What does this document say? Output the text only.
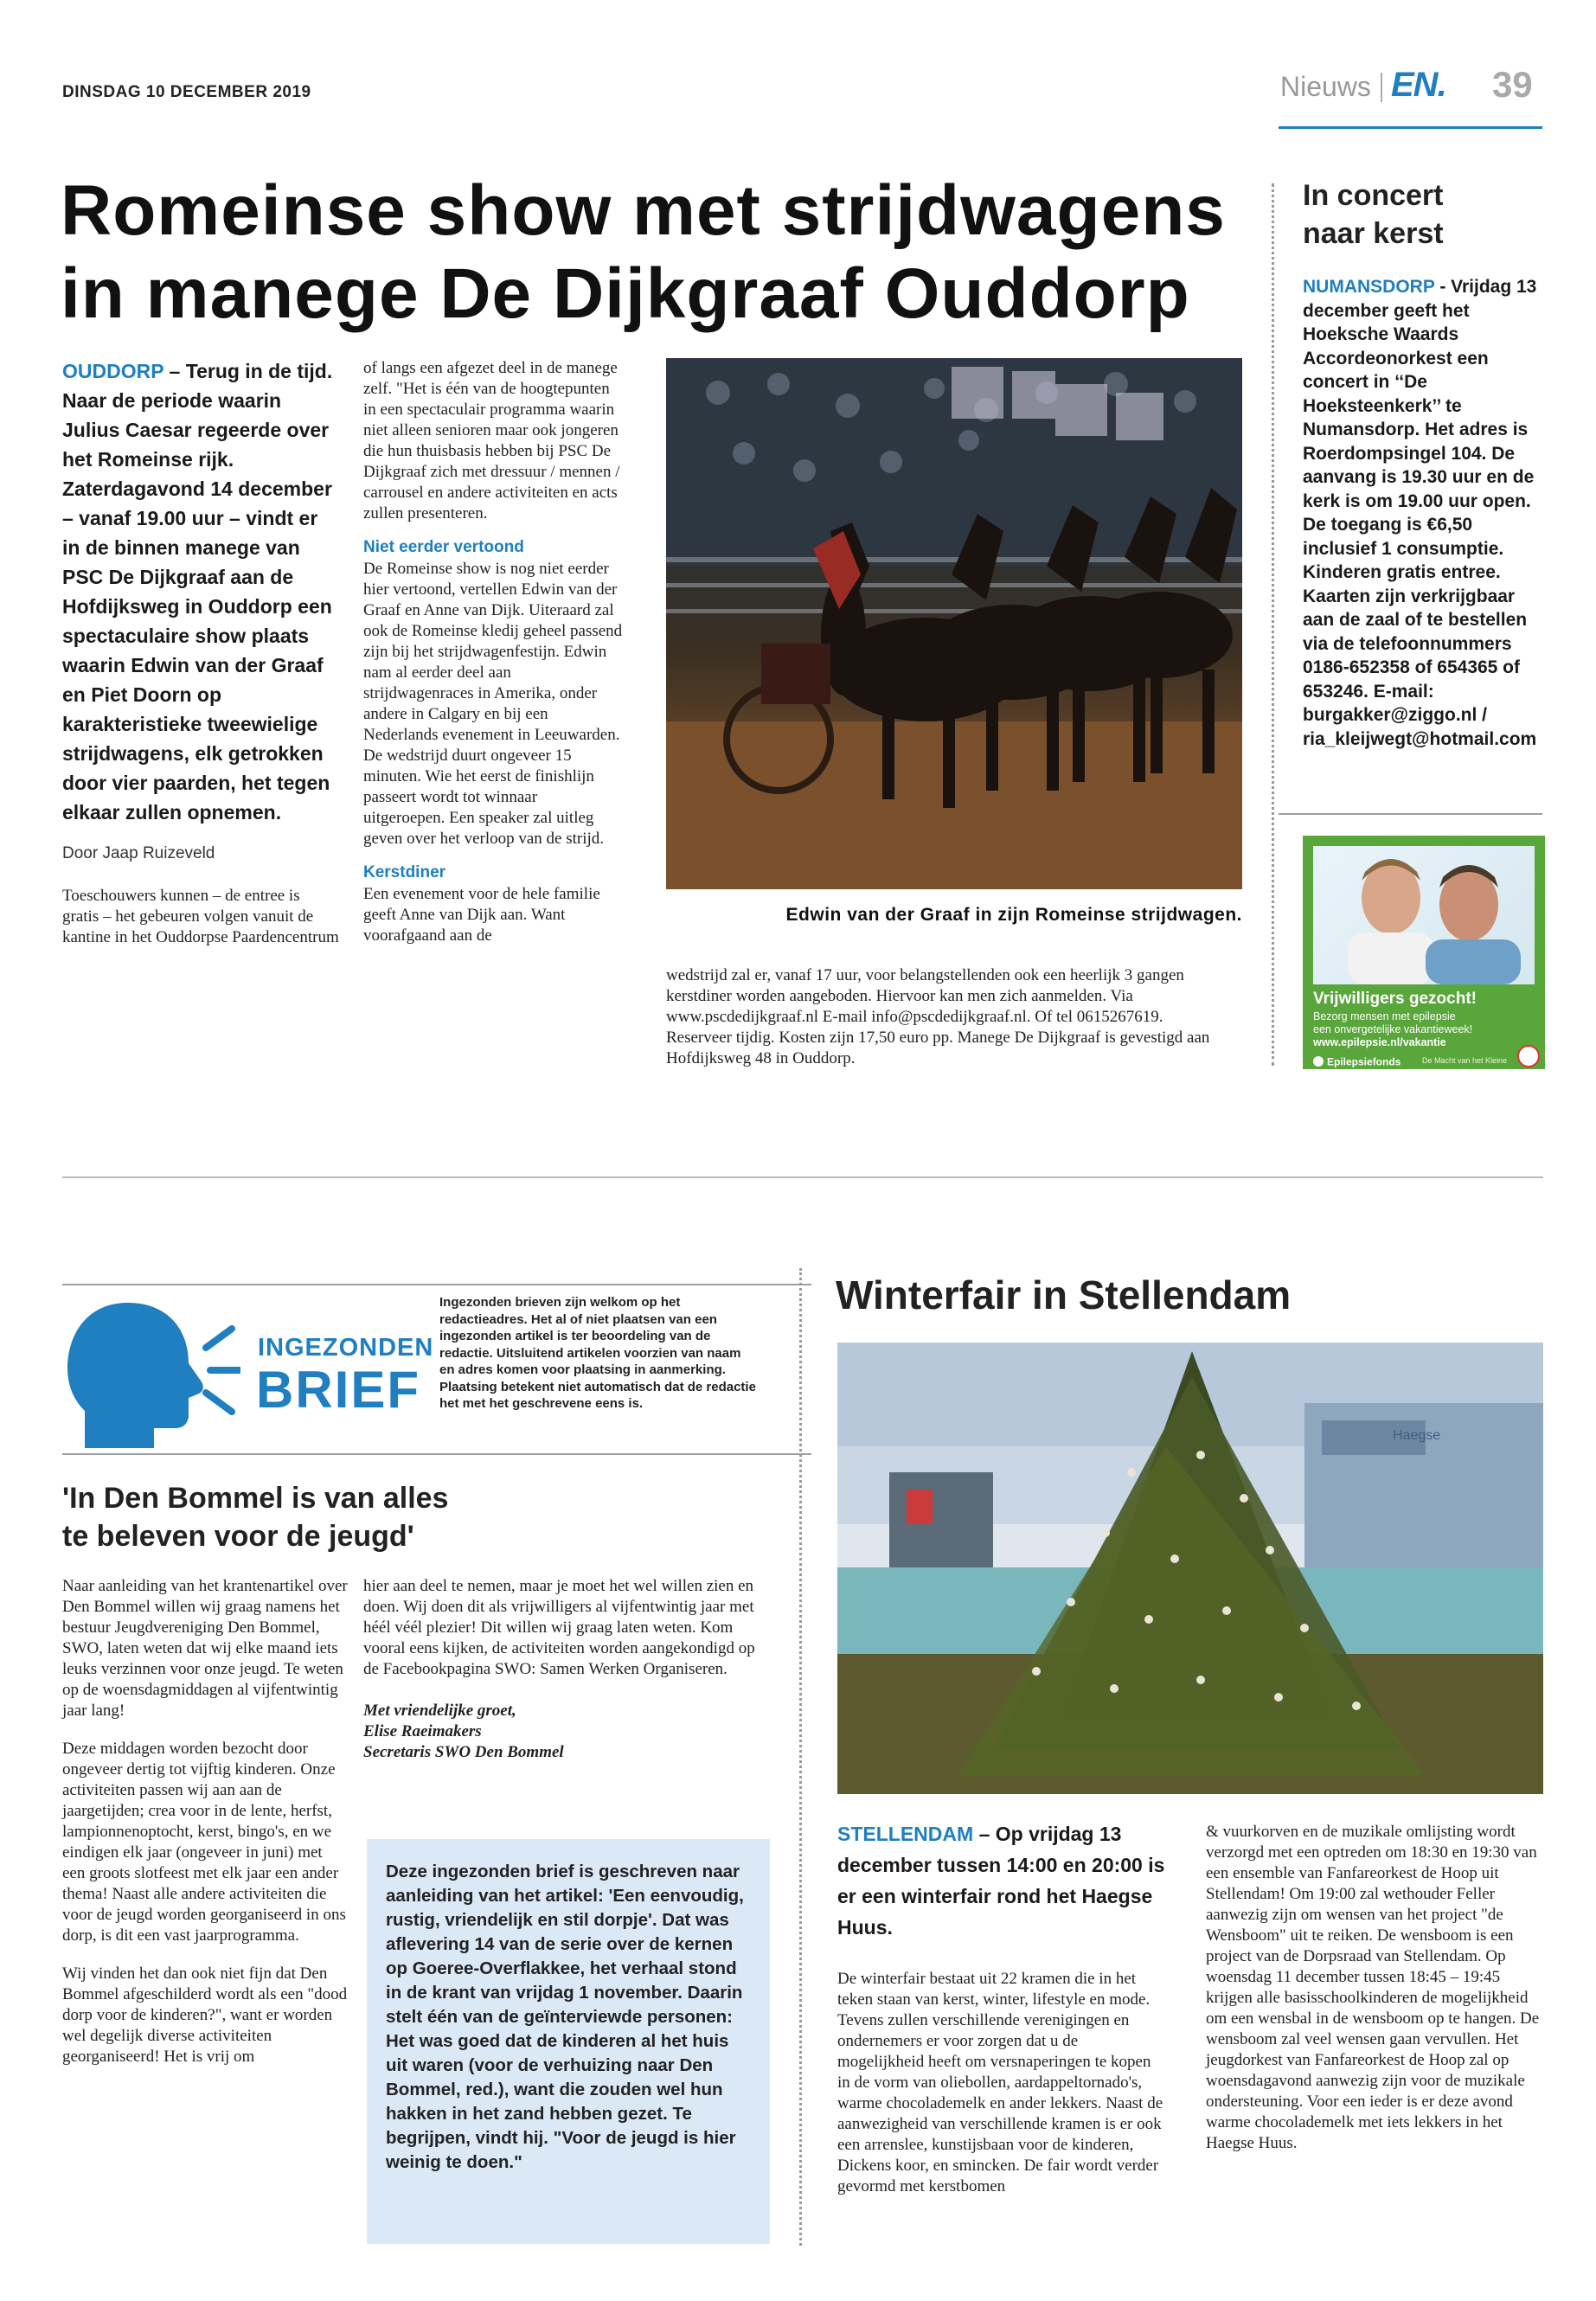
DINSDAG 10 DECEMBER 2019	Nieuws EN. 39
Romeinse show met strijdwagens
in manege De Dijkgraaf Ouddorp

OUDDORP – Terug in de tijd. Naar de periode waarin Julius Caesar regeerde over het Romeinse rijk. Zaterdagavond 14 december – vanaf 19.00 uur – vindt er in de binnen manege van PSC De Dijkgraaf aan de Hofdijksweg in Ouddorp een spectaculaire show plaats waarin Edwin van der Graaf en Piet Doorn op karakteristieke tweewielige strijdwagens, elk getrokken door vier paarden, het tegen elkaar zullen opnemen.

Door Jaap Ruizeveld

Toeschouwers kunnen – de entree is gratis – het gebeuren volgen vanuit de kantine in het Ouddorpse Paardencentrum

of langs een afgezet deel in de manege zelf. "Het is één van de hoogtepunten in een spectaculair programma waarin niet alleen senioren maar ook jongeren die hun thuisbasis hebben bij PSC De Dijkgraaf zich met dressuur / mennen / carrousel en andere activiteiten en acts zullen presenteren.

Niet eerder vertoond

De Romeinse show is nog niet eerder hier vertoond, vertellen Edwin van der Graaf en Anne van Dijk. Uiteraard zal ook de Romeinse kledij geheel passend zijn bij het strijdwagenfestijn. Edwin nam al eerder deel aan strijdwagenraces in Amerika, onder andere in Calgary en bij een Nederlands evenement in Leeuwarden. De wedstrijd duurt ongeveer 15 minuten. Wie het eerst de finishlijn passeert wordt tot winnaar uitgeroepen. Een speaker zal uitleg geven over het verloop van de strijd.

Kerstdiner

Een evenement voor de hele familie geeft Anne van Dijk aan. Want voorafgaand aan de

Edwin van der Graaf in zijn Romeinse strijdwagen.

wedstrijd zal er, vanaf 17 uur, voor belangstellenden ook een heerlijk 3 gangen kerstdiner worden aangeboden. Hiervoor kan men zich aanmelden. Via www.pscdedijkgraaf.nl E-mail info@pscdedijkgraaf.nl. Of tel 0615267619. Reserveer tijdig. Kosten zijn 17,50 euro pp. Manege De Dijkgraaf is gevestigd aan Hofdijksweg 48 in Ouddorp.

In concert
naar kerst

NUMANSDORP - Vrijdag 13 december geeft het Hoeksche Waards Accordeonorkest een concert in ‘‘De Hoeksteenkerk’’ te Numansdorp. Het adres is Roerdompsingel 104. De aanvang is 19.30 uur en de kerk is om 19.00 uur open. De toegang is €6,50 inclusief 1 consumptie. Kinderen gratis entree. Kaarten zijn verkrijgbaar aan de zaal of te bestellen via de telefoonnummers 0186-652358 of 654365 of 653246. E-mail: burgakker@ziggo.nl / ria_kleijwegt@hotmail.com

Vrijwilligers gezocht!
Bezorg mensen met epilepsie
een onvergetelijke vakantieweek!
www.epilepsie.nl/vakantie
Epilepsiefonds	De Macht van het Kleine
INGEZONDEN
BRIEF

Ingezonden brieven zijn welkom op het redactieadres. Het al of niet plaatsen van een ingezonden artikel is ter beoordeling van de redactie. Uitsluitend artikelen voorzien van naam en adres komen voor plaatsing in aanmerking. Plaatsing betekent niet automatisch dat de redactie het met het geschrevene eens is.

'In Den Bommel is van alles
te beleven voor de jeugd'

Naar aanleiding van het krantenartikel over Den Bommel willen wij graag namens het bestuur Jeugdvereniging Den Bommel, SWO, laten weten dat wij elke maand iets leuks verzinnen voor onze jeugd. Te weten op de woensdagmiddagen al vijfentwintig jaar lang!

Deze middagen worden bezocht door ongeveer dertig tot vijftig kinderen. Onze activiteiten passen wij aan aan de jaargetijden; crea voor in de lente, herfst, lampionnenoptocht, kerst, bingo's, en we eindigen elk jaar (ongeveer in juni) met een groots slotfeest met elk jaar een ander thema! Naast alle andere activiteiten die voor de jeugd worden georganiseerd in ons dorp, is dit een vast jaarprogramma.

Wij vinden het dan ook niet fijn dat Den Bommel afgeschilderd wordt als een "dood dorp voor de kinderen?", want er worden wel degelijk diverse activiteiten georganiseerd! Het is vrij om

hier aan deel te nemen, maar je moet het wel willen zien en doen. Wij doen dit als vrijwilligers al vijfentwintig jaar met héél véél plezier! Dit willen wij graag laten weten. Kom vooral eens kijken, de activiteiten worden aangekondigd op de Facebookpagina SWO: Samen Werken Organiseren.

Met vriendelijke groet,
Elise Raeimakers
Secretaris SWO Den Bommel

Deze ingezonden brief is geschreven naar aanleiding van het artikel: 'Een eenvoudig, rustig, vriendelijk en stil dorpje'. Dat was aflevering 14 van de serie over de kernen op Goeree-Overflakkee, het verhaal stond in de krant van vrijdag 1 november. Daarin stelt één van de geïnterviewde personen: Het was goed dat de kinderen al het huis uit waren (voor de verhuizing naar Den Bommel, red.), want die zouden wel hun hakken in het zand hebben gezet. Te begrijpen, vindt hij. "Voor de jeugd is hier weinig te doen."

Winterfair in Stellendam
Haegse

STELLENDAM – Op vrijdag 13 december tussen 14:00 en 20:00 is er een winterfair rond het Haegse Huus.

De winterfair bestaat uit 22 kramen die in het teken staan van kerst, winter, lifestyle en mode. Tevens zullen verschillende verenigingen en ondernemers er voor zorgen dat u de mogelijkheid heeft om versnaperingen te kopen in de vorm van oliebollen, aardappeltornado's, warme chocolademelk en ander lekkers. Naast de aanwezigheid van verschillende kramen is er ook een arrenslee, kunstijsbaan voor de kinderen, Dickens koor, en smincken. De fair wordt verder gevormd met kerstbomen

& vuurkorven en de muzikale omlijsting wordt verzorgd met een optreden om 18:30 en 19:30 van een ensemble van Fanfareorkest de Hoop uit Stellendam! Om 19:00 zal wethouder Feller aanwezig zijn om wensen van het project "de Wensboom" uit te reiken. De wensboom is een project van de Dorpsraad van Stellendam. Op woensdag 11 december tussen 18:45 – 19:45 krijgen alle basisschoolkinderen de mogelijkheid om een wensbal in de wensboom op te hangen. De wensboom zal veel wensen gaan vervullen. Het jeugdorkest van Fanfareorkest de Hoop zal op woensdagavond aanwezig zijn voor de muzikale ondersteuning. Voor een ieder is er deze avond warme chocolademelk met iets lekkers in het Haegse Huus.
